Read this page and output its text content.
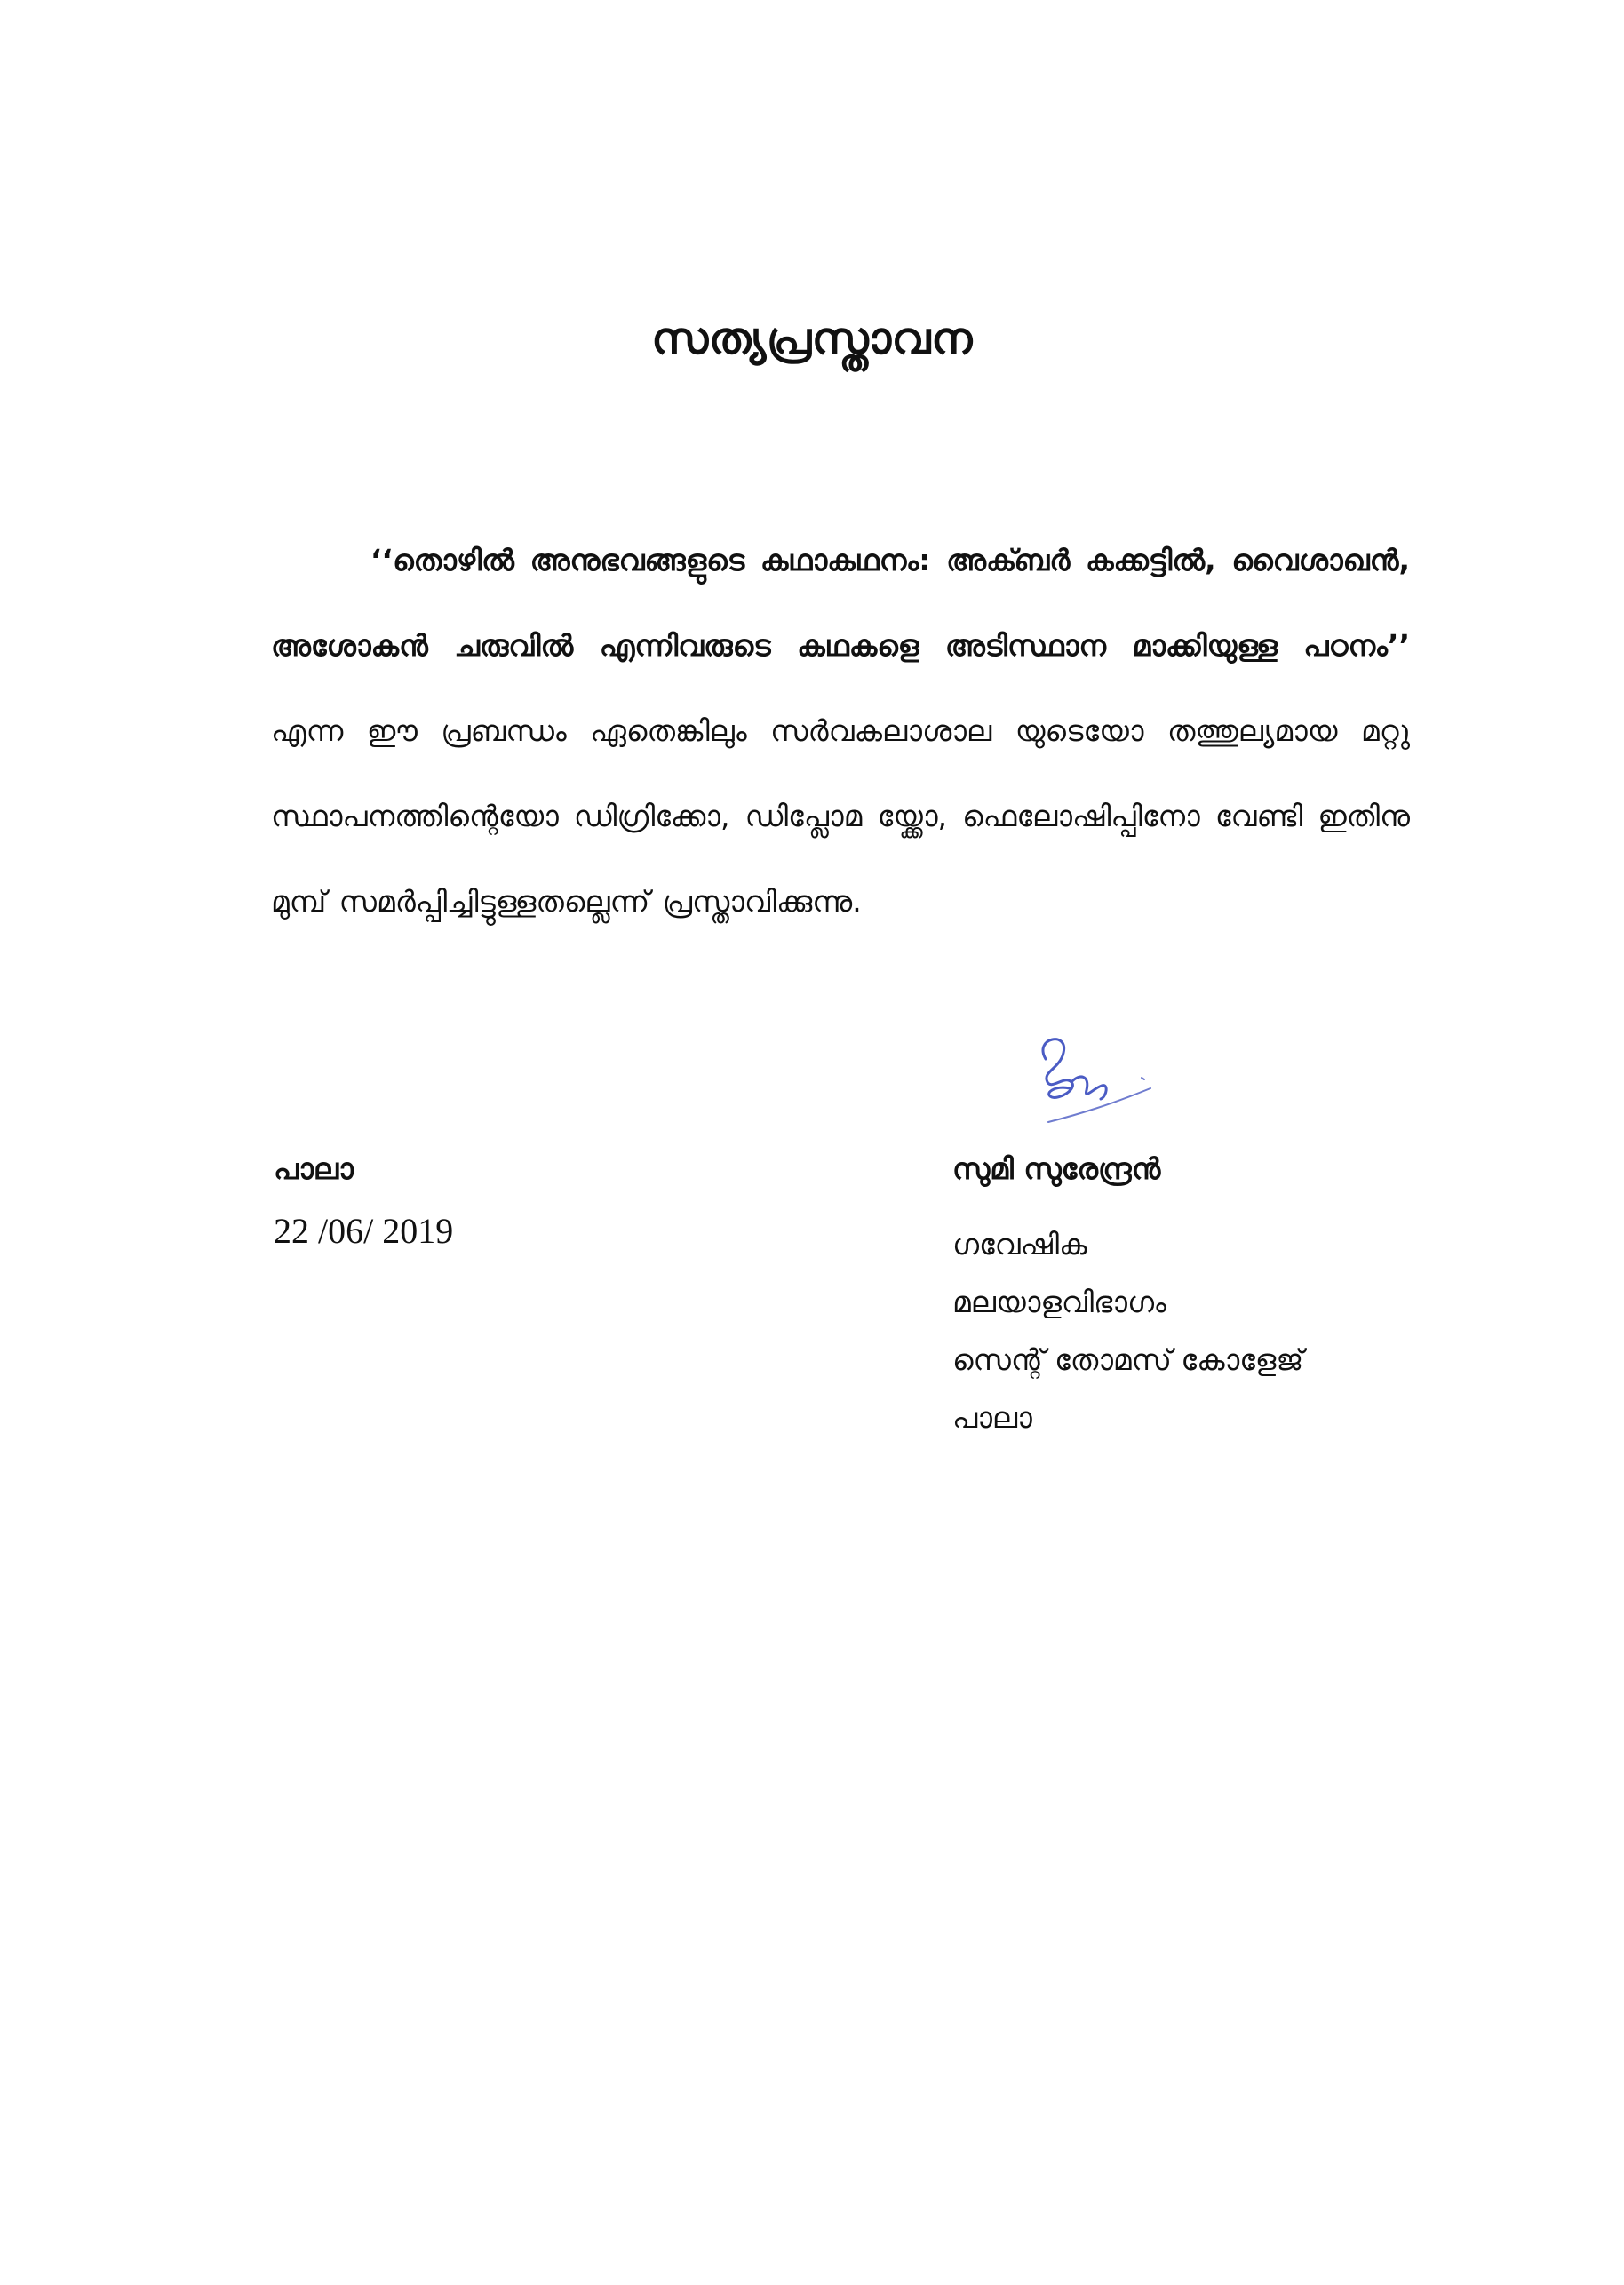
സത്യപ്രസ്താവന

‘‘തൊഴിൽ അനുഭവങ്ങളുടെ കഥാകഥനം: അക്ബർ കക്കട്ടിൽ, വൈശാഖൻ, അശോകൻ ചരുവിൽ എന്നിവരുടെ കഥകളെ അടിസ്ഥാന മാക്കിയുള്ള പഠനം’’ എന്ന ഈ പ്രബന്ധം ഏതെങ്കിലും സർവകലാശാല യുടെയോ തത്തുല്യമായ മറ്റു സ്ഥാപനത്തിന്റെയോ ഡിഗ്രിക്കോ, ഡിപ്ലോമ യ്ക്കോ, ഫെലോഷിപ്പിനോ വേണ്ടി ഇതിനു മുമ്പ് സമർപ്പിച്ചിട്ടുള്ളതല്ലെന്ന് പ്രസ്താവിക്കുന്നു.

പാലാ
22 /06/ 2019
സുമി സുരേന്ദ്രൻ
ഗവേഷിക
മലയാളവിഭാഗം
സെന്റ് തോമസ് കോളേജ്
പാലാ
